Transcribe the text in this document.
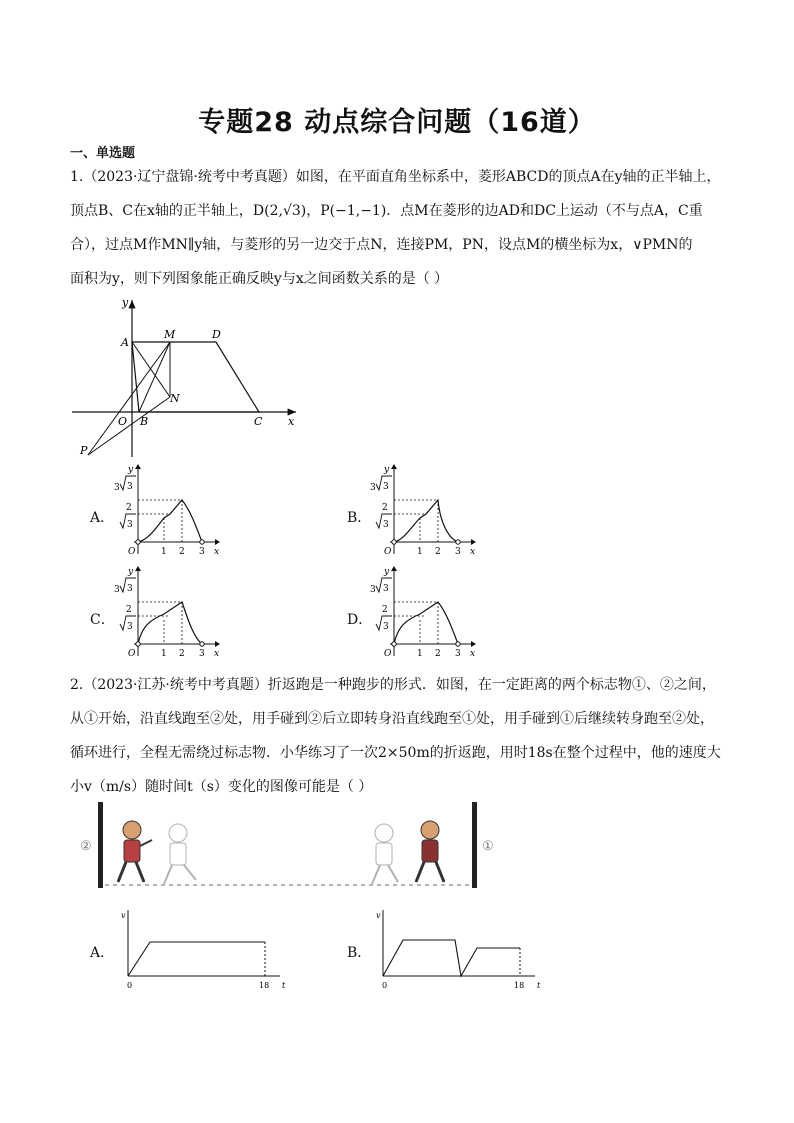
专题28 动点综合问题（16道）
一、单选题
1.（2023·辽宁盘锦·统考中考真题）如图，在平面直角坐标系中，菱形ABCD的顶点A在y轴的正半轴上，
顶点B、C在x轴的正半轴上，D(2,√3)，P(−1,−1)．点M在菱形的边AD和DC上运动（不与点A，C重
合），过点M作MN∥y轴，与菱形的另一边交于点N，连接PM，PN，设点M的横坐标为x，∨PMN的
面积为y，则下列图象能正确反映y与x之间函数关系的是（ ）
y
A
M	D
N
O B	C x
P
A．	B．
C．	D．
y
3 3
2
3
O	1 2 3 x
y
3 3
2
3
O	1 2 3 x
y
3 3
2
3
O	1 2 3 x
y
3 3
2
3
O	1 2 3 x
2.（2023·江苏·统考中考真题）折返跑是一种跑步的形式．如图，在一定距离的两个标志物①、②之间，
从①开始，沿直线跑至②处，用手碰到②后立即转身沿直线跑至①处，用手碰到①后继续转身跑至②处，
循环进行，全程无需绕过标志物．小华练习了一次2×50m的折返跑，用时18s在整个过程中，他的速度大
小v（m/s）随时间t（s）变化的图像可能是（ ）
②	①
A．	B．
v
t
0	18
v
t
0	18
